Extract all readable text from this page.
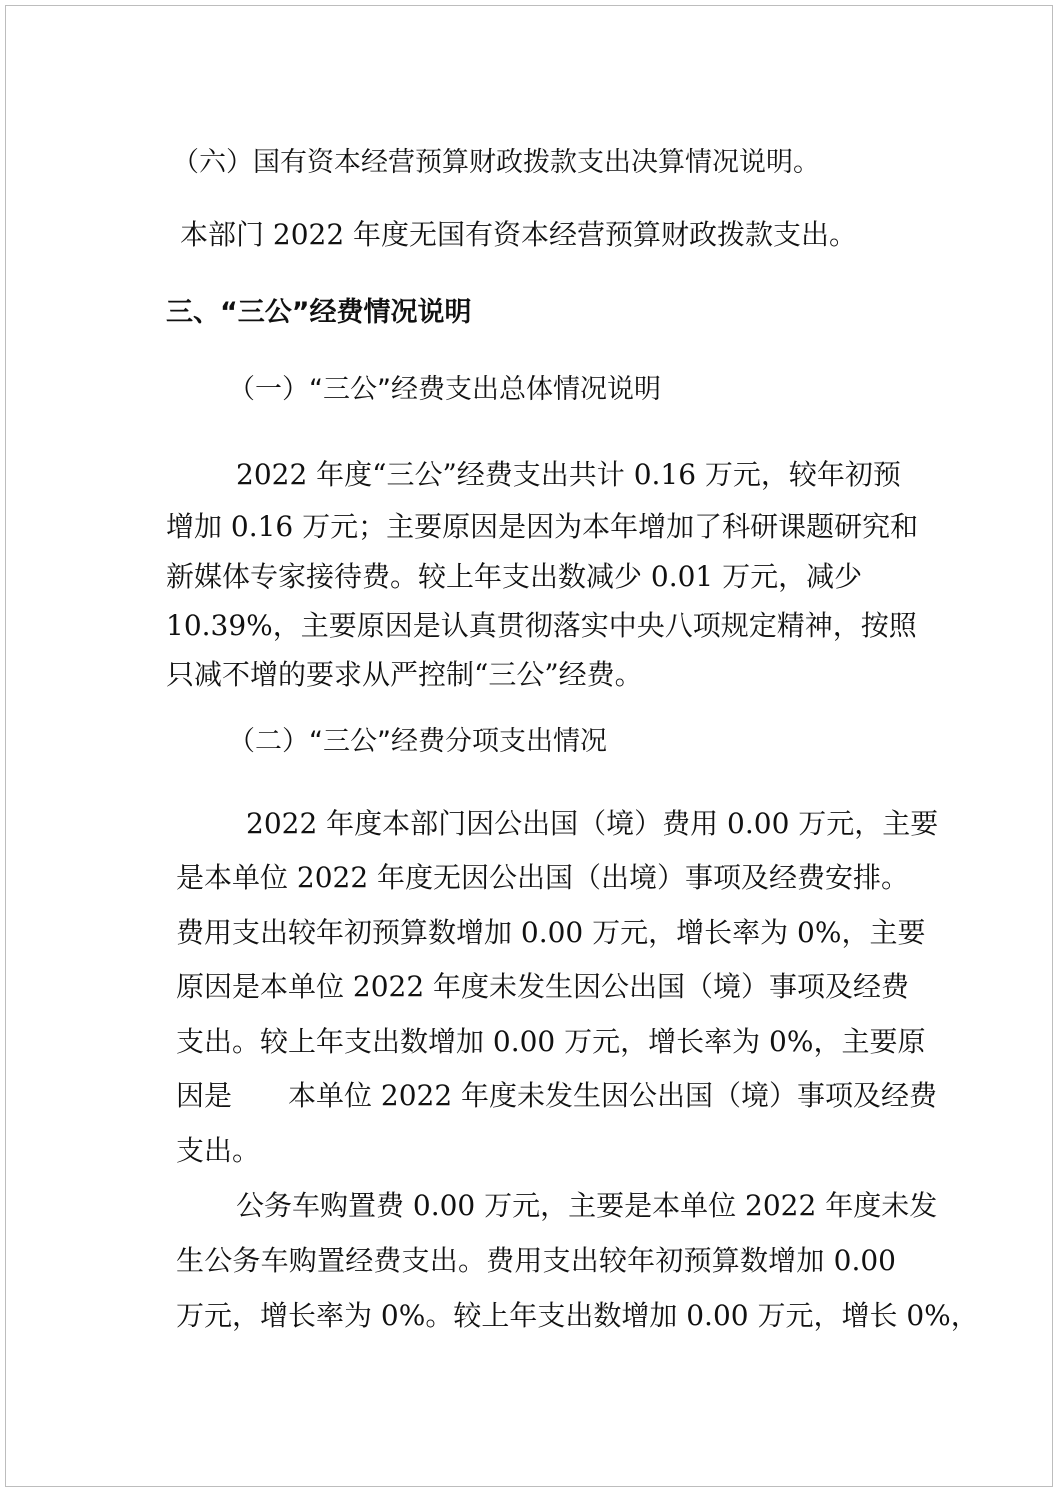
（六）国有资本经营预算财政拨款支出决算情况说明。
本部门 2022 年度无国有资本经营预算财政拨款支出。
三、“三公”经费情况说明
（一）“三公”经费支出总体情况说明
2022 年度“三公”经费支出共计 0.16 万元，较年初预
增加 0.16 万元；主要原因是因为本年增加了科研课题研究和
新媒体专家接待费。较上年支出数减少 0.01 万元，减少
10.39%，主要原因是认真贯彻落实中央八项规定精神，按照
只减不增的要求从严控制“三公”经费。
（二）“三公”经费分项支出情况
2022 年度本部门因公出国（境）费用 0.00 万元，主要
是本单位 2022 年度无因公出国（出境）事项及经费安排。
费用支出较年初预算数增加 0.00 万元，增长率为 0%，主要
原因是本单位 2022 年度未发生因公出国（境）事项及经费
支出。较上年支出数增加 0.00 万元，增长率为 0%，主要原
因是　　本单位 2022 年度未发生因公出国（境）事项及经费
支出。
公务车购置费 0.00 万元，主要是本单位 2022 年度未发
生公务车购置经费支出。费用支出较年初预算数增加 0.00
万元，增长率为 0%。较上年支出数增加 0.00 万元，增长 0%，
